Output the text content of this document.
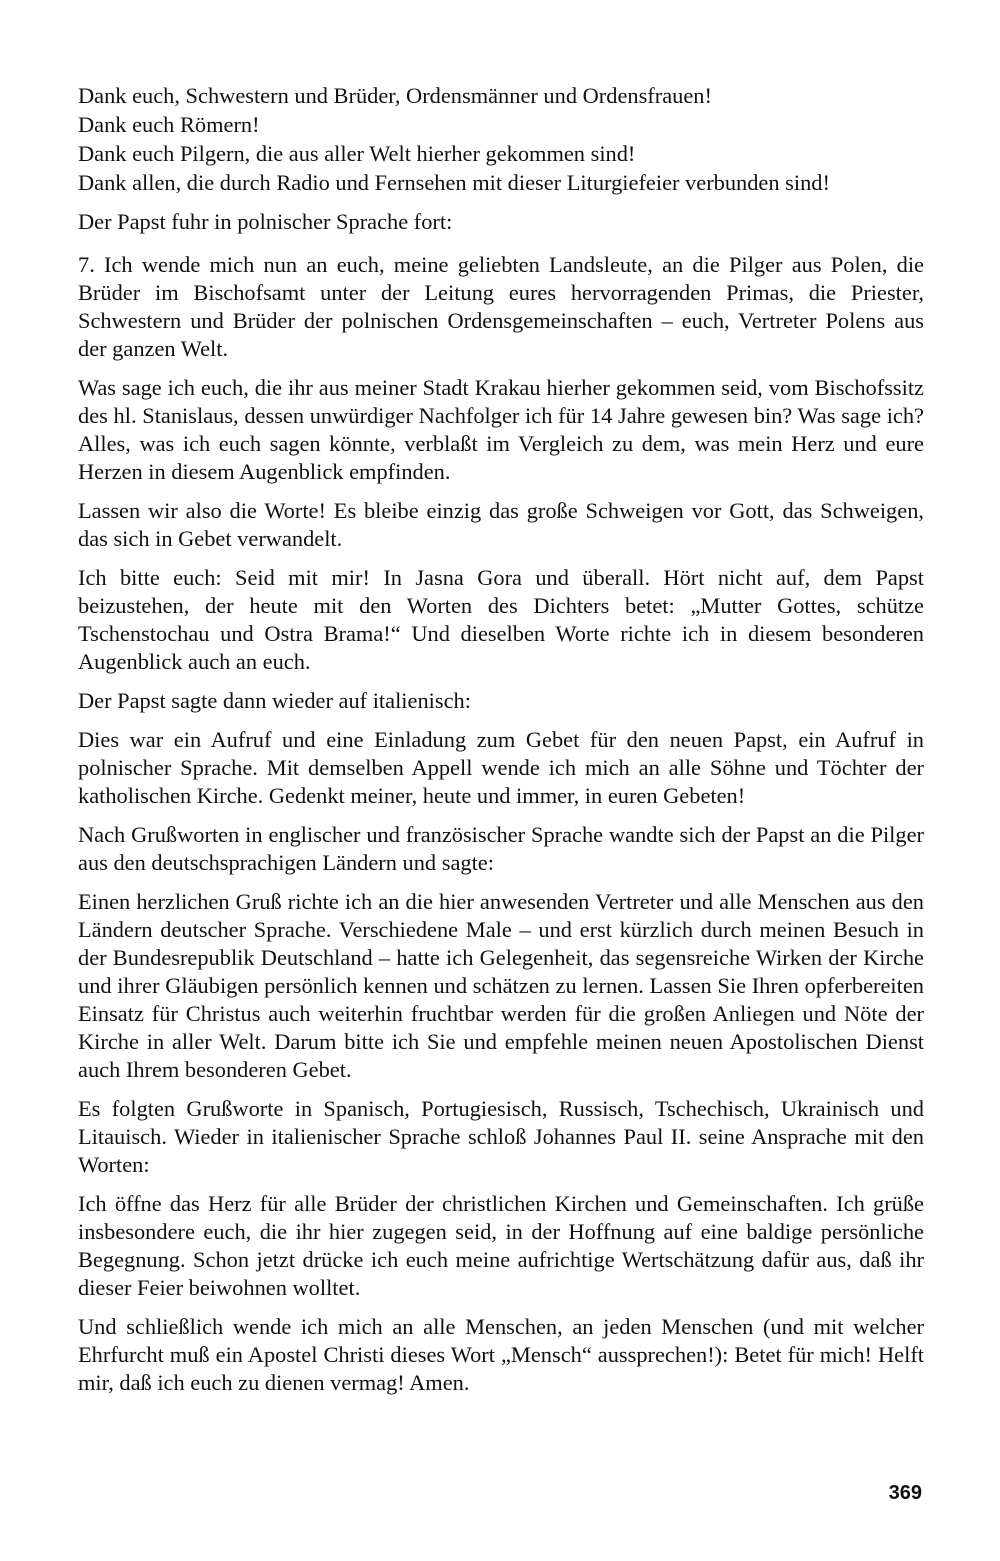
Dank euch, Schwestern und Brüder, Ordensmänner und Ordensfrauen!

Dank euch Römern!

Dank euch Pilgern, die aus aller Welt hierher gekommen sind!

Dank allen, die durch Radio und Fernsehen mit dieser Liturgiefeier verbunden sind!

Der Papst fuhr in polnischer Sprache fort:

7. Ich wende mich nun an euch, meine geliebten Landsleute, an die Pilger aus Polen, die Brüder im Bischofsamt unter der Leitung eures hervorragenden Primas, die Priester, Schwestern und Brüder der polnischen Ordensgemeinschaften – euch, Vertreter Polens aus der ganzen Welt.

Was sage ich euch, die ihr aus meiner Stadt Krakau hierher gekommen seid, vom Bischofssitz des hl. Stanislaus, dessen unwürdiger Nachfolger ich für 14 Jahre gewesen bin? Was sage ich? Alles, was ich euch sagen könnte, verblaßt im Vergleich zu dem, was mein Herz und eure Herzen in diesem Augenblick empfinden.

Lassen wir also die Worte! Es bleibe einzig das große Schweigen vor Gott, das Schweigen, das sich in Gebet verwandelt.

Ich bitte euch: Seid mit mir! In Jasna Gora und überall. Hört nicht auf, dem Papst beizustehen, der heute mit den Worten des Dichters betet: „Mutter Gottes, schütze Tschenstochau und Ostra Brama!“ Und dieselben Worte richte ich in diesem besonderen Augenblick auch an euch.

Der Papst sagte dann wieder auf italienisch:

Dies war ein Aufruf und eine Einladung zum Gebet für den neuen Papst, ein Aufruf in polnischer Sprache. Mit demselben Appell wende ich mich an alle Söhne und Töchter der katholischen Kirche. Gedenkt meiner, heute und immer, in euren Gebeten!

Nach Grußworten in englischer und französischer Sprache wandte sich der Papst an die Pilger aus den deutschsprachigen Ländern und sagte:

Einen herzlichen Gruß richte ich an die hier anwesenden Vertreter und alle Menschen aus den Ländern deutscher Sprache. Verschiedene Male – und erst kürzlich durch meinen Besuch in der Bundesrepublik Deutschland – hatte ich Gelegenheit, das segensreiche Wirken der Kirche und ihrer Gläubigen persönlich kennen und schätzen zu lernen. Lassen Sie Ihren opferbereiten Einsatz für Christus auch weiterhin fruchtbar werden für die großen Anliegen und Nöte der Kirche in aller Welt. Darum bitte ich Sie und empfehle meinen neuen Apostolischen Dienst auch Ihrem besonderen Gebet.

Es folgten Grußworte in Spanisch, Portugiesisch, Russisch, Tschechisch, Ukrainisch und Litauisch. Wieder in italienischer Sprache schloß Johannes Paul II. seine Ansprache mit den Worten:

Ich öffne das Herz für alle Brüder der christlichen Kirchen und Gemeinschaften. Ich grüße insbesondere euch, die ihr hier zugegen seid, in der Hoffnung auf eine baldige persönliche Begegnung. Schon jetzt drücke ich euch meine aufrichtige Wertschätzung dafür aus, daß ihr dieser Feier beiwohnen wolltet.

Und schließlich wende ich mich an alle Menschen, an jeden Menschen (und mit welcher Ehrfurcht muß ein Apostel Christi dieses Wort „Mensch“ aussprechen!): Betet für mich! Helft mir, daß ich euch zu dienen vermag! Amen.

369
